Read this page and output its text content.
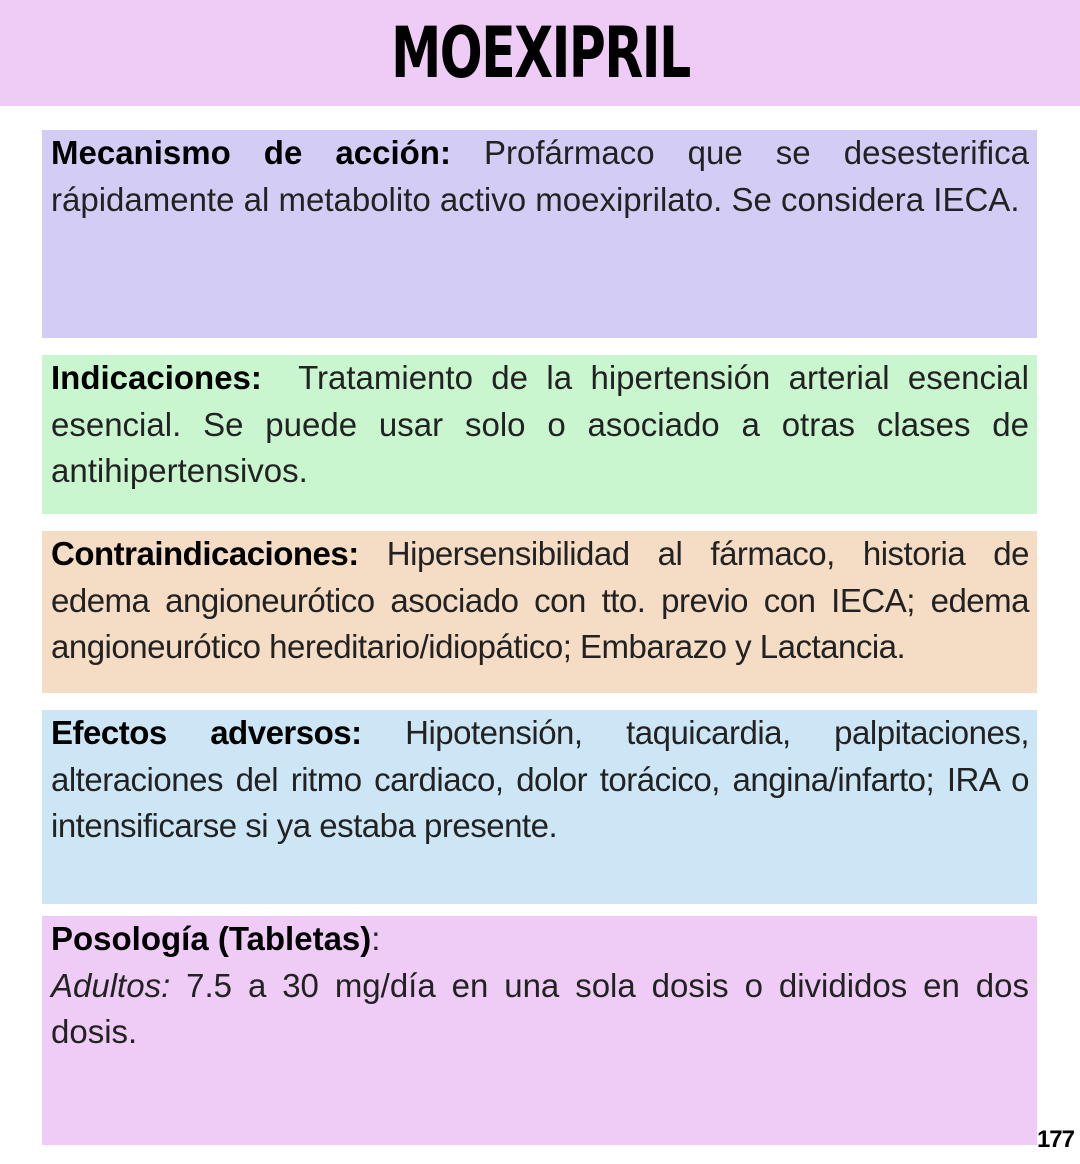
MOEXIPRIL
Mecanismo de acción: Profármaco que se desesterifica rápidamente al metabolito activo moexiprilato. Se considera IECA.
Indicaciones:  Tratamiento de la hipertensión arterial esencial esencial. Se puede usar solo o asociado a otras clases de antihipertensivos.
Contraindicaciones: Hipersensibilidad al fármaco, historia de edema angioneurótico asociado con tto. previo con IECA; edema angioneurótico hereditario/idiopático; Embarazo y Lactancia.
Efectos adversos: Hipotensión, taquicardia, palpitaciones, alteraciones del ritmo cardiaco, dolor torácico, angina/infarto; IRA o intensificarse si ya estaba presente.
Posología (Tabletas):
Adultos: 7.5 a 30 mg/día en una sola dosis o divididos en dos dosis.
177
